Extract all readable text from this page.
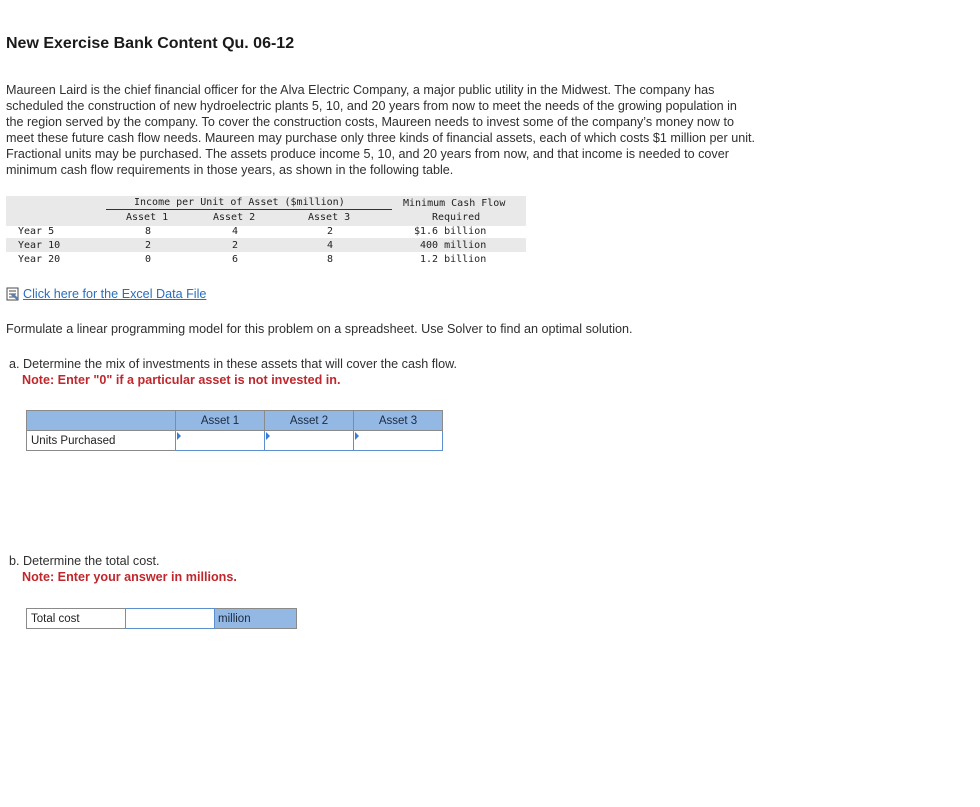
New Exercise Bank Content Qu. 06-12

Maureen Laird is the chief financial officer for the Alva Electric Company, a major public utility in the Midwest. The company has

scheduled the construction of new hydroelectric plants 5, 10, and 20 years from now to meet the needs of the growing population in

the region served by the company. To cover the construction costs, Maureen needs to invest some of the company’s money now to

meet these future cash flow needs. Maureen may purchase only three kinds of financial assets, each of which costs $1 million per unit.

Fractional units may be purchased. The assets produce income 5, 10, and 20 years from now, and that income is needed to cover

minimum cash flow requirements in those years, as shown in the following table.

Income per Unit of Asset ($million)
Asset 1	Asset 2	Asset 3
Minimum Cash Flow
Required
Year 5	8	4	2	$1.6 billion
Year 10	2	2	4	400 million
Year 20	0	6	8	1.2 billion
Click here for the Excel Data File
Formulate a linear programming model for this problem on a spreadsheet. Use Solver to find an optimal solution.
a. Determine the mix of investments in these assets that will cover the cash flow.
Note: Enter "0" if a particular asset is not invested in.
	Asset 1	Asset 2	Asset 3
Units Purchased	

b. Determine the total cost.
Note: Enter your answer in millions.
Total cost		million
